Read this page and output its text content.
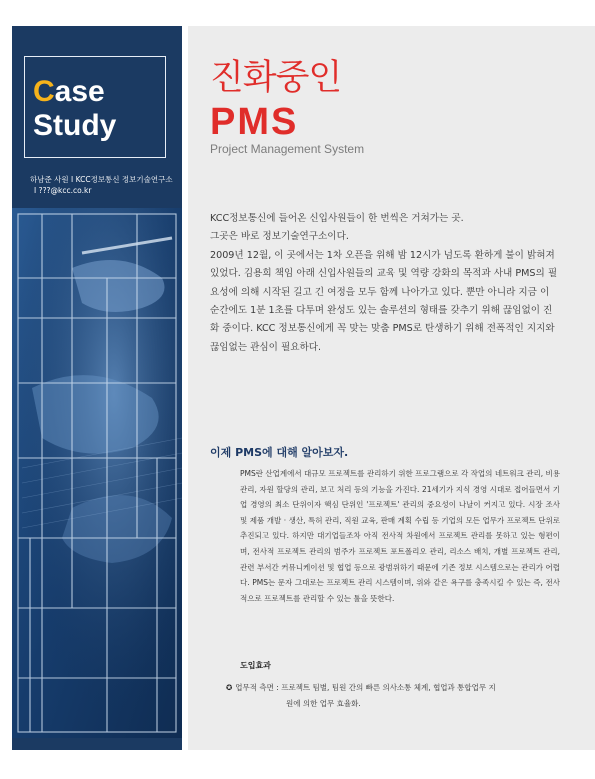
Case
Study
하남준 사원 Ⅰ KCC정보통신 정보기술연구소
Ⅰ ???@kcc.co.kr
18 KCC Information & Communication
진화중인
PMS
Project Management System

KCC정보통신에 들어온 신입사원들이 한 번씩은 거쳐가는 곳.

그곳은 바로 정보기술연구소이다.

2009년 12월, 이 곳에서는 1차 오픈을 위해 밤 12시가 넘도록 환하게 불이 밝혀져 있었다. 김용희 책임 아래 신입사원들의 교육 및 역량 강화의 목적과 사내 PMS의 필요성에 의해 시작된 길고 긴 여정을 모두 함께 나아가고 있다. 뿐만 아니라 지금 이 순간에도 1분 1초를 다투며 완성도 있는 솔루션의 형태를 갖추기 위해 끊임없이 진화 중이다. KCC 정보통신에게 꼭 맞는 맞춤 PMS로 탄생하기 위해 전폭적인 지지와 끊임없는 관심이 필요하다.

이제 PMS에 대해 알아보자.
PMS란 산업계에서 대규모 프로젝트를 관리하기 위한 프로그램으로 각 작업의 네트워크 관리, 비용 관리, 자원 할당의 관리, 보고 처리 등의 기능을 가진다. 21세기가 지식 경영 시대로 접어들면서 기업 경영의 최소 단위이자 핵심 단위인 '프로젝트' 관리의 중요성이 나날이 커지고 있다. 시장 조사 및 제품 개발 · 생산, 특허 관리, 직원 교육, 판매 계획 수립 등 기업의 모든 업무가 프로젝트 단위로 추진되고 있다. 하지만 대기업들조차 아직 전사적 차원에서 프로젝트 관리를 못하고 있는 형편이며, 전사적 프로젝트 관리의 범주가 프로젝트 포트폴리오 관리, 리소스 배치, 개별 프로젝트 관리, 관련 부서간 커뮤니케이션 및 협업 등으로 광범위하기 때문에 기존 정보 시스템으로는 관리가 어렵다. PMS는 문자 그대로는 프로젝트 관리 시스템이며, 위와 같은 욕구를 충족시킬 수 있는 즉, 전사적으로 프로젝트를 관리할 수 있는 툴을 뜻한다.
도입효과
✪ 업무적 측면 : 프로젝트 팀별, 팀원 간의 빠른 의사소통 체계, 협업과 통합업무 지
원에 의한 업무 효율화.
